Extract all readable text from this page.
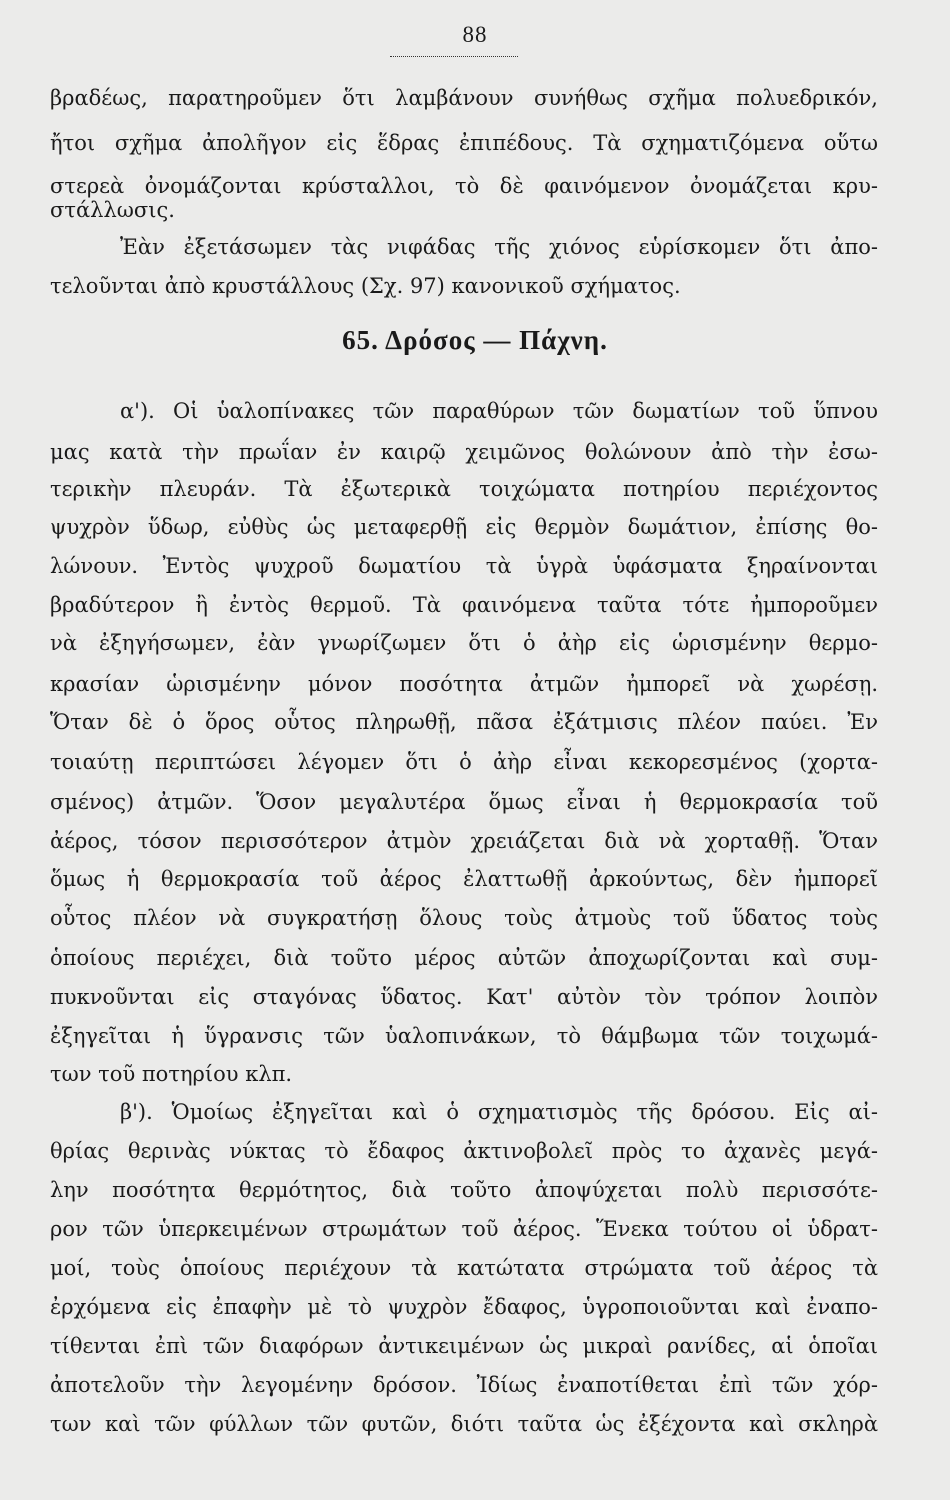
88
βραδέως, παρατηροῦμεν ὅτι λαμβάνουν συνήθως σχῆμα πολυεδρικόν,
ἤτοι σχῆμα ἀπολῆγον εἰς ἕδρας ἐπιπέδους. Τὰ σχηματιζόμενα οὕτω
στερεὰ ὀνομάζονται κρύσταλλοι, τὸ δὲ φαινόμενον ὀνομάζεται κρυ-
στάλλωσις.
Ἐὰν ἐξετάσωμεν τὰς νιφάδας τῆς χιόνος εὑρίσκομεν ὅτι ἀπο-
τελοῦνται ἀπὸ κρυστάλλους (Σχ. 97) κανονικοῦ σχήματος.
65. Δρόσος — Πάχνη.
α'). Οἱ ὑαλοπίνακες τῶν παραθύρων τῶν δωματίων τοῦ ὕπνου
μας κατὰ τὴν πρωΐαν ἐν καιρῷ χειμῶνος θολώνουν ἀπὸ τὴν ἐσω-
τερικὴν πλευράν. Τὰ ἐξωτερικὰ τοιχώματα ποτηρίου περιέχοντος
ψυχρὸν ὕδωρ, εὐθὺς ὡς μεταφερθῇ εἰς θερμὸν δωμάτιον, ἐπίσης θο-
λώνουν. Ἐντὸς ψυχροῦ δωματίου τὰ ὑγρὰ ὑφάσματα ξηραίνονται
βραδύτερον ἢ ἐντὸς θερμοῦ. Τὰ φαινόμενα ταῦτα τότε ἠμποροῦμεν
νὰ ἐξηγήσωμεν, ἐὰν γνωρίζωμεν ὅτι ὁ ἀὴρ εἰς ὡρισμένην θερμο-
κρασίαν ὡρισμένην μόνον ποσότητα ἀτμῶν ἠμπορεῖ νὰ χωρέσῃ.
Ὅταν δὲ ὁ ὅρος οὗτος πληρωθῇ, πᾶσα ἐξάτμισις πλέον παύει. Ἐν
τοιαύτῃ περιπτώσει λέγομεν ὅτι ὁ ἀὴρ εἶναι κεκορεσμένος (χορτα-
σμένος) ἀτμῶν. Ὅσον μεγαλυτέρα ὅμως εἶναι ἡ θερμοκρασία τοῦ
ἀέρος, τόσον περισσότερον ἀτμὸν χρειάζεται διὰ νὰ χορταθῇ. Ὅταν
ὅμως ἡ θερμοκρασία τοῦ ἀέρος ἐλαττωθῇ ἀρκούντως, δὲν ἠμπορεῖ
οὗτος πλέον νὰ συγκρατήσῃ ὅλους τοὺς ἀτμοὺς τοῦ ὕδατος τοὺς
ὁποίους περιέχει, διὰ τοῦτο μέρος αὐτῶν ἀποχωρίζονται καὶ συμ-
πυκνοῦνται εἰς σταγόνας ὕδατος. Κατ' αὐτὸν τὸν τρόπον λοιπὸν
ἐξηγεῖται ἡ ὕγρανσις τῶν ὑαλοπινάκων, τὸ θάμβωμα τῶν τοιχωμά-
των τοῦ ποτηρίου κλπ.
β'). Ὁμοίως ἐξηγεῖται καὶ ὁ σχηματισμὸς τῆς δρόσου. Εἰς αἰ-
θρίας θερινὰς νύκτας τὸ ἔδαφος ἀκτινοβολεῖ πρὸς το ἀχανὲς μεγά-
λην ποσότητα θερμότητος, διὰ τοῦτο ἀποψύχεται πολὺ περισσότε-
ρον τῶν ὑπερκειμένων στρωμάτων τοῦ ἀέρος. Ἕνεκα τούτου οἱ ὑδρατ-
μοί, τοὺς ὁποίους περιέχουν τὰ κατώτατα στρώματα τοῦ ἀέρος τὰ
ἐρχόμενα εἰς ἐπαφὴν μὲ τὸ ψυχρὸν ἔδαφος, ὑγροποιοῦνται καὶ ἐναπο-
τίθενται ἐπὶ τῶν διαφόρων ἀντικειμένων ὡς μικραὶ ρανίδες, αἱ ὁποῖαι
ἀποτελοῦν τὴν λεγομένην δρόσον. Ἰδίως ἐναποτίθεται ἐπὶ τῶν χόρ-
των καὶ τῶν φύλλων τῶν φυτῶν, διότι ταῦτα ὡς ἐξέχοντα καὶ σκληρὰ
